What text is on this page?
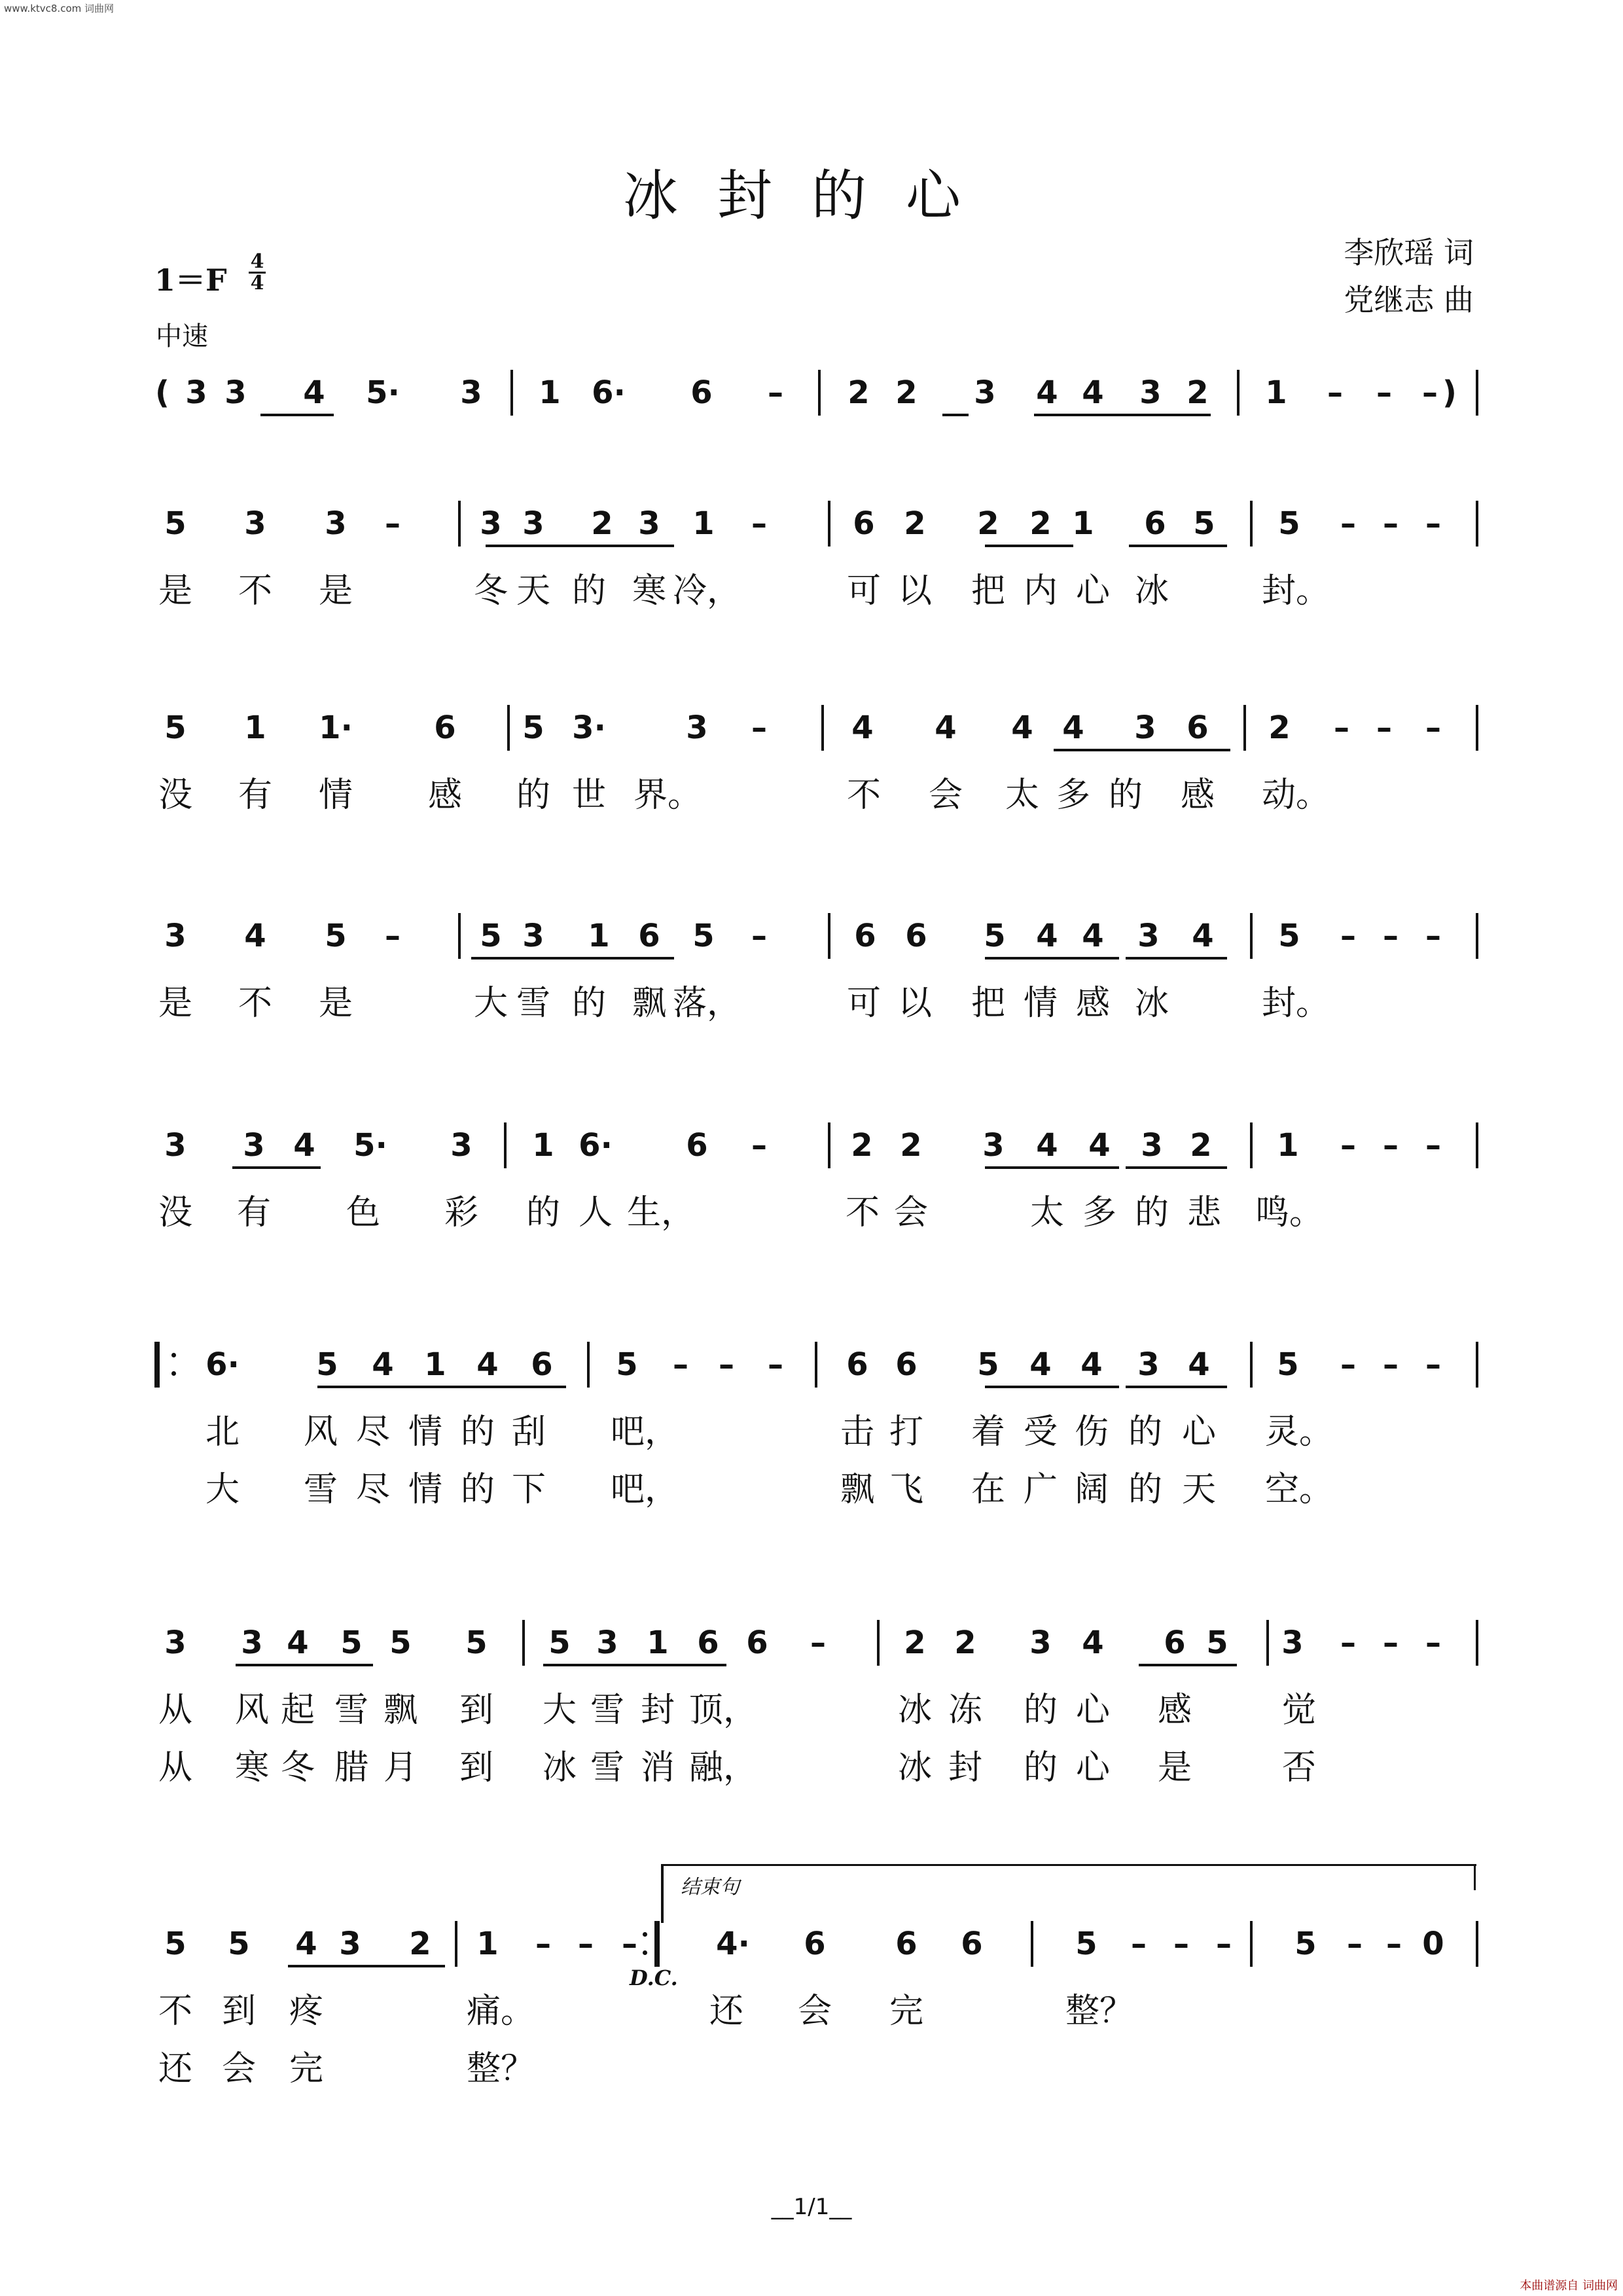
www.ktvc8.com 词曲网
冰封的心
李欣瑶 词
党继志 曲
1＝F
4
4
中速
( 3 3 4 5· 3 1 6· 6 – 2 2 3 4 4 3 2 1 – – – )
5 3 3 –	3 3 2 3 1 –	6 2 2 2 1 6 5 5 – – –
是 不 是	冬 天 的 寒 冷，	可 以 把 内 心 冰	封。
5 1 1·	6 5 3·	3 –	4 4 4 4 3 6 2 – – –
没 有 情 感 的 世 界。	不 会 太 多 的 感 动。
3 4 5 –	5 3 1 6 5 –	6 6 5 4 4 3 4 5 – – –
是 不 是	大 雪 的 飘 落，	可 以 把 情 感 冰	封。
3 3 4 5· 3 1 6· 6 –	2 2 3 4 4 3 2 1 – – –
没 有 色 彩 的 人 生，	不 会	太 多 的 悲 鸣。
6· 5 4 1 4 6 5 – – – 6 6 5 4 4 3 4 5 – – –
北 风 尽 情 的 刮 吧，	击 打 着 受 伤 的 心 灵。
大 雪 尽 情 的 下 吧，	飘 飞 在 广 阔 的 天 空。
3 3 4 5 5 5 5 3 1 6 6 – 2 2 3 4 6 5 3 – – –
从 风 起 雪 飘 到 大 雪 封 顶，	冰 冻 的 心 感	觉
从 寒 冬 腊 月 到 冰 雪 消 融，	冰 封 的 心 是	否
5 5 4 3 2 1 – – –	4· 6 6 6	5 – – – 5 – – 0
不 到 疼	痛。	还 会 完	整？
还 会 完	整？
结束句
D.C.
__1/1__
本曲谱源自 词曲网
